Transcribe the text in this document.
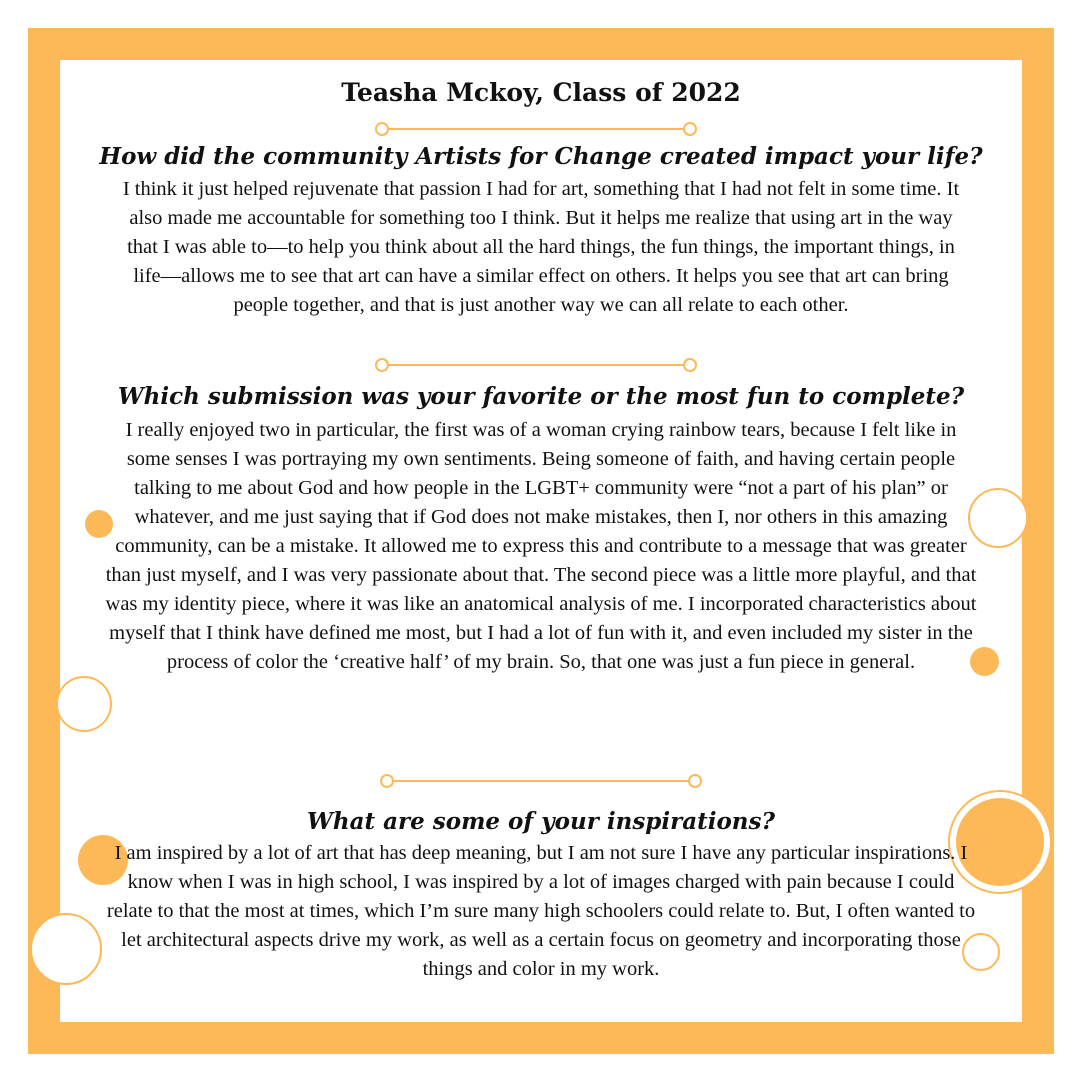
Teasha Mckoy, Class of 2022
How did the community Artists for Change created impact your life?
I think it just helped rejuvenate that passion I had for art, something that I had not felt in some time. It also made me accountable for something too I think. But it helps me realize that using art in the way that I was able to—to help you think about all the hard things, the fun things, the important things, in life—allows me to see that art can have a similar effect on others. It helps you see that art can bring people together, and that is just another way we can all relate to each other.
Which submission was your favorite or the most fun to complete?
I really enjoyed two in particular, the first was of a woman crying rainbow tears, because I felt like in some senses I was portraying my own sentiments. Being someone of faith, and having certain people talking to me about God and how people in the LGBT+ community were “not a part of his plan” or whatever, and me just saying that if God does not make mistakes, then I, nor others in this amazing community, can be a mistake. It allowed me to express this and contribute to a message that was greater than just myself, and I was very passionate about that. The second piece was a little more playful, and that was my identity piece, where it was like an anatomical analysis of me. I incorporated characteristics about myself that I think have defined me most, but I had a lot of fun with it, and even included my sister in the process of color the ‘creative half’ of my brain. So, that one was just a fun piece in general.
What are some of your inspirations?
I am inspired by a lot of art that has deep meaning, but I am not sure I have any particular inspirations. I know when I was in high school, I was inspired by a lot of images charged with pain because I could relate to that the most at times, which I’m sure many high schoolers could relate to. But, I often wanted to let architectural aspects drive my work, as well as a certain focus on geometry and incorporating those things and color in my work.
